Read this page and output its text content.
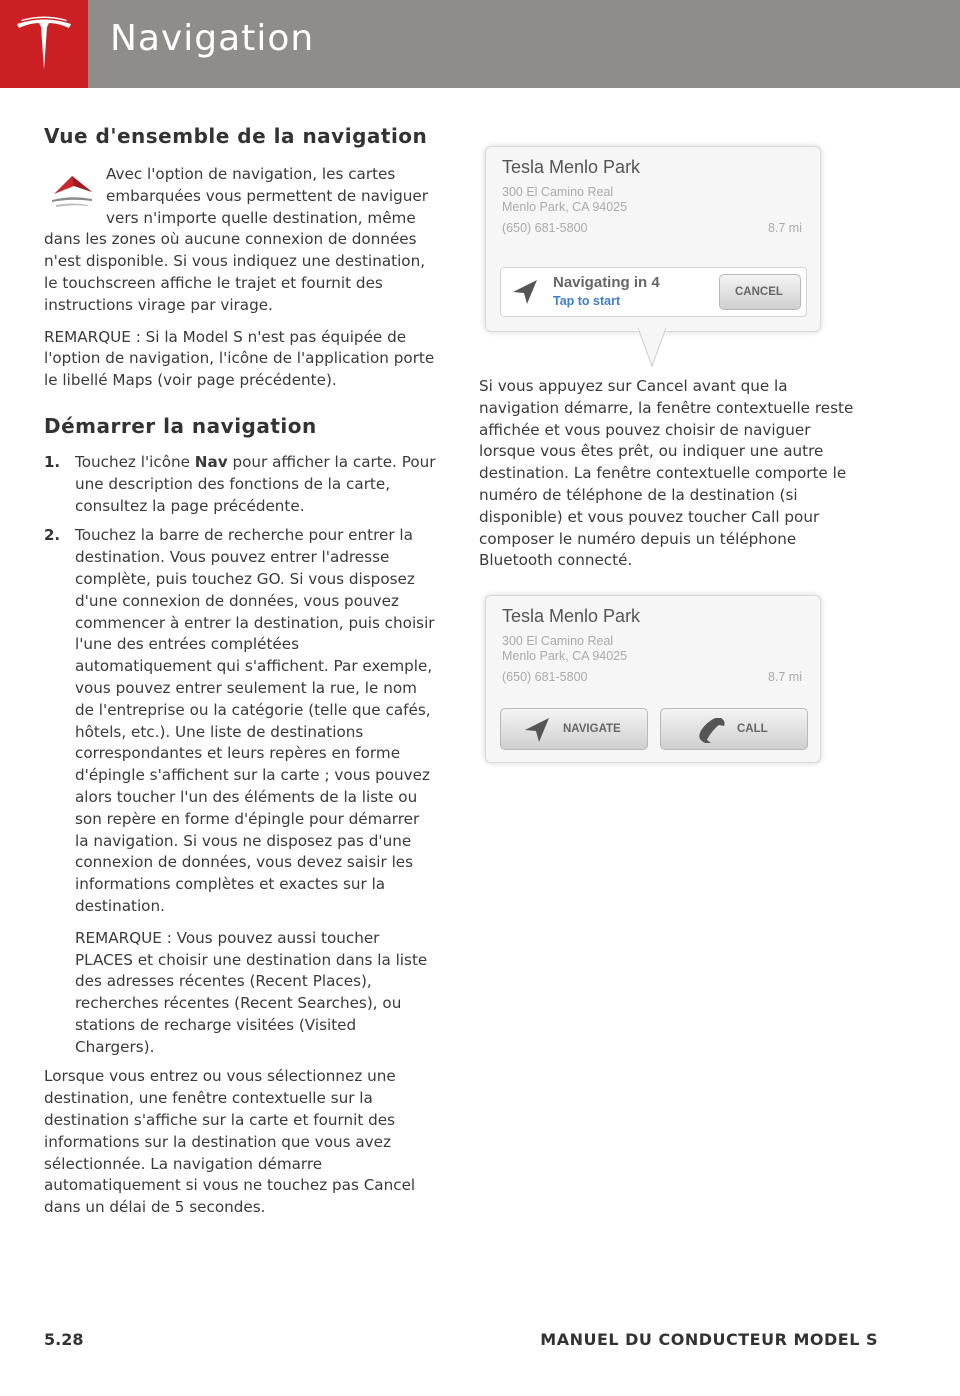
Navigation
Vue d'ensemble de la navigation

Avec l'option de navigation, les cartes embarquées vous permettent de naviguer vers n'importe quelle destination, même dans les zones où aucune connexion de données n'est disponible. Si vous indiquez une destination, le touchscreen affiche le trajet et fournit des instructions virage par virage.

REMARQUE : Si la Model S n'est pas équipée de l'option de navigation, l'icône de l'application porte le libellé Maps (voir page précédente).

Démarrer la navigation
1. Touchez l'icône Nav pour afficher la carte. Pour une description des fonctions de la carte, consultez la page précédente.

2. Touchez la barre de recherche pour entrer la destination. Vous pouvez entrer l'adresse complète, puis touchez GO. Si vous disposez d'une connexion de données, vous pouvez commencer à entrer la destination, puis choisir l'une des entrées complétées automatiquement qui s'affichent. Par exemple, vous pouvez entrer seulement la rue, le nom de l'entreprise ou la catégorie (telle que cafés, hôtels, etc.). Une liste de destinations correspondantes et leurs repères en forme d'épingle s'affichent sur la carte ; vous pouvez alors toucher l'un des éléments de la liste ou son repère en forme d'épingle pour démarrer la navigation. Si vous ne disposez pas d'une connexion de données, vous devez saisir les informations complètes et exactes sur la destination.

REMARQUE : Vous pouvez aussi toucher PLACES et choisir une destination dans la liste des adresses récentes (Recent Places), recherches récentes (Recent Searches), ou stations de recharge visitées (Visited Chargers).

Lorsque vous entrez ou vous sélectionnez une destination, une fenêtre contextuelle sur la destination s'affiche sur la carte et fournit des informations sur la destination que vous avez sélectionnée. La navigation démarre automatiquement si vous ne touchez pas Cancel dans un délai de 5 secondes.

Tesla Menlo Park
300 El Camino Real
Menlo Park, CA 94025
(650) 681-5800	8.7 mi
Navigating in 4
Tap to start
CANCEL

Si vous appuyez sur Cancel avant que la navigation démarre, la fenêtre contextuelle reste affichée et vous pouvez choisir de naviguer lorsque vous êtes prêt, ou indiquer une autre destination. La fenêtre contextuelle comporte le numéro de téléphone de la destination (si disponible) et vous pouvez toucher Call pour composer le numéro depuis un téléphone Bluetooth connecté.

Tesla Menlo Park
300 El Camino Real
Menlo Park, CA 94025
(650) 681-5800	8.7 mi
NAVIGATE	CALL
5.28	MANUEL DU CONDUCTEUR MODEL S
